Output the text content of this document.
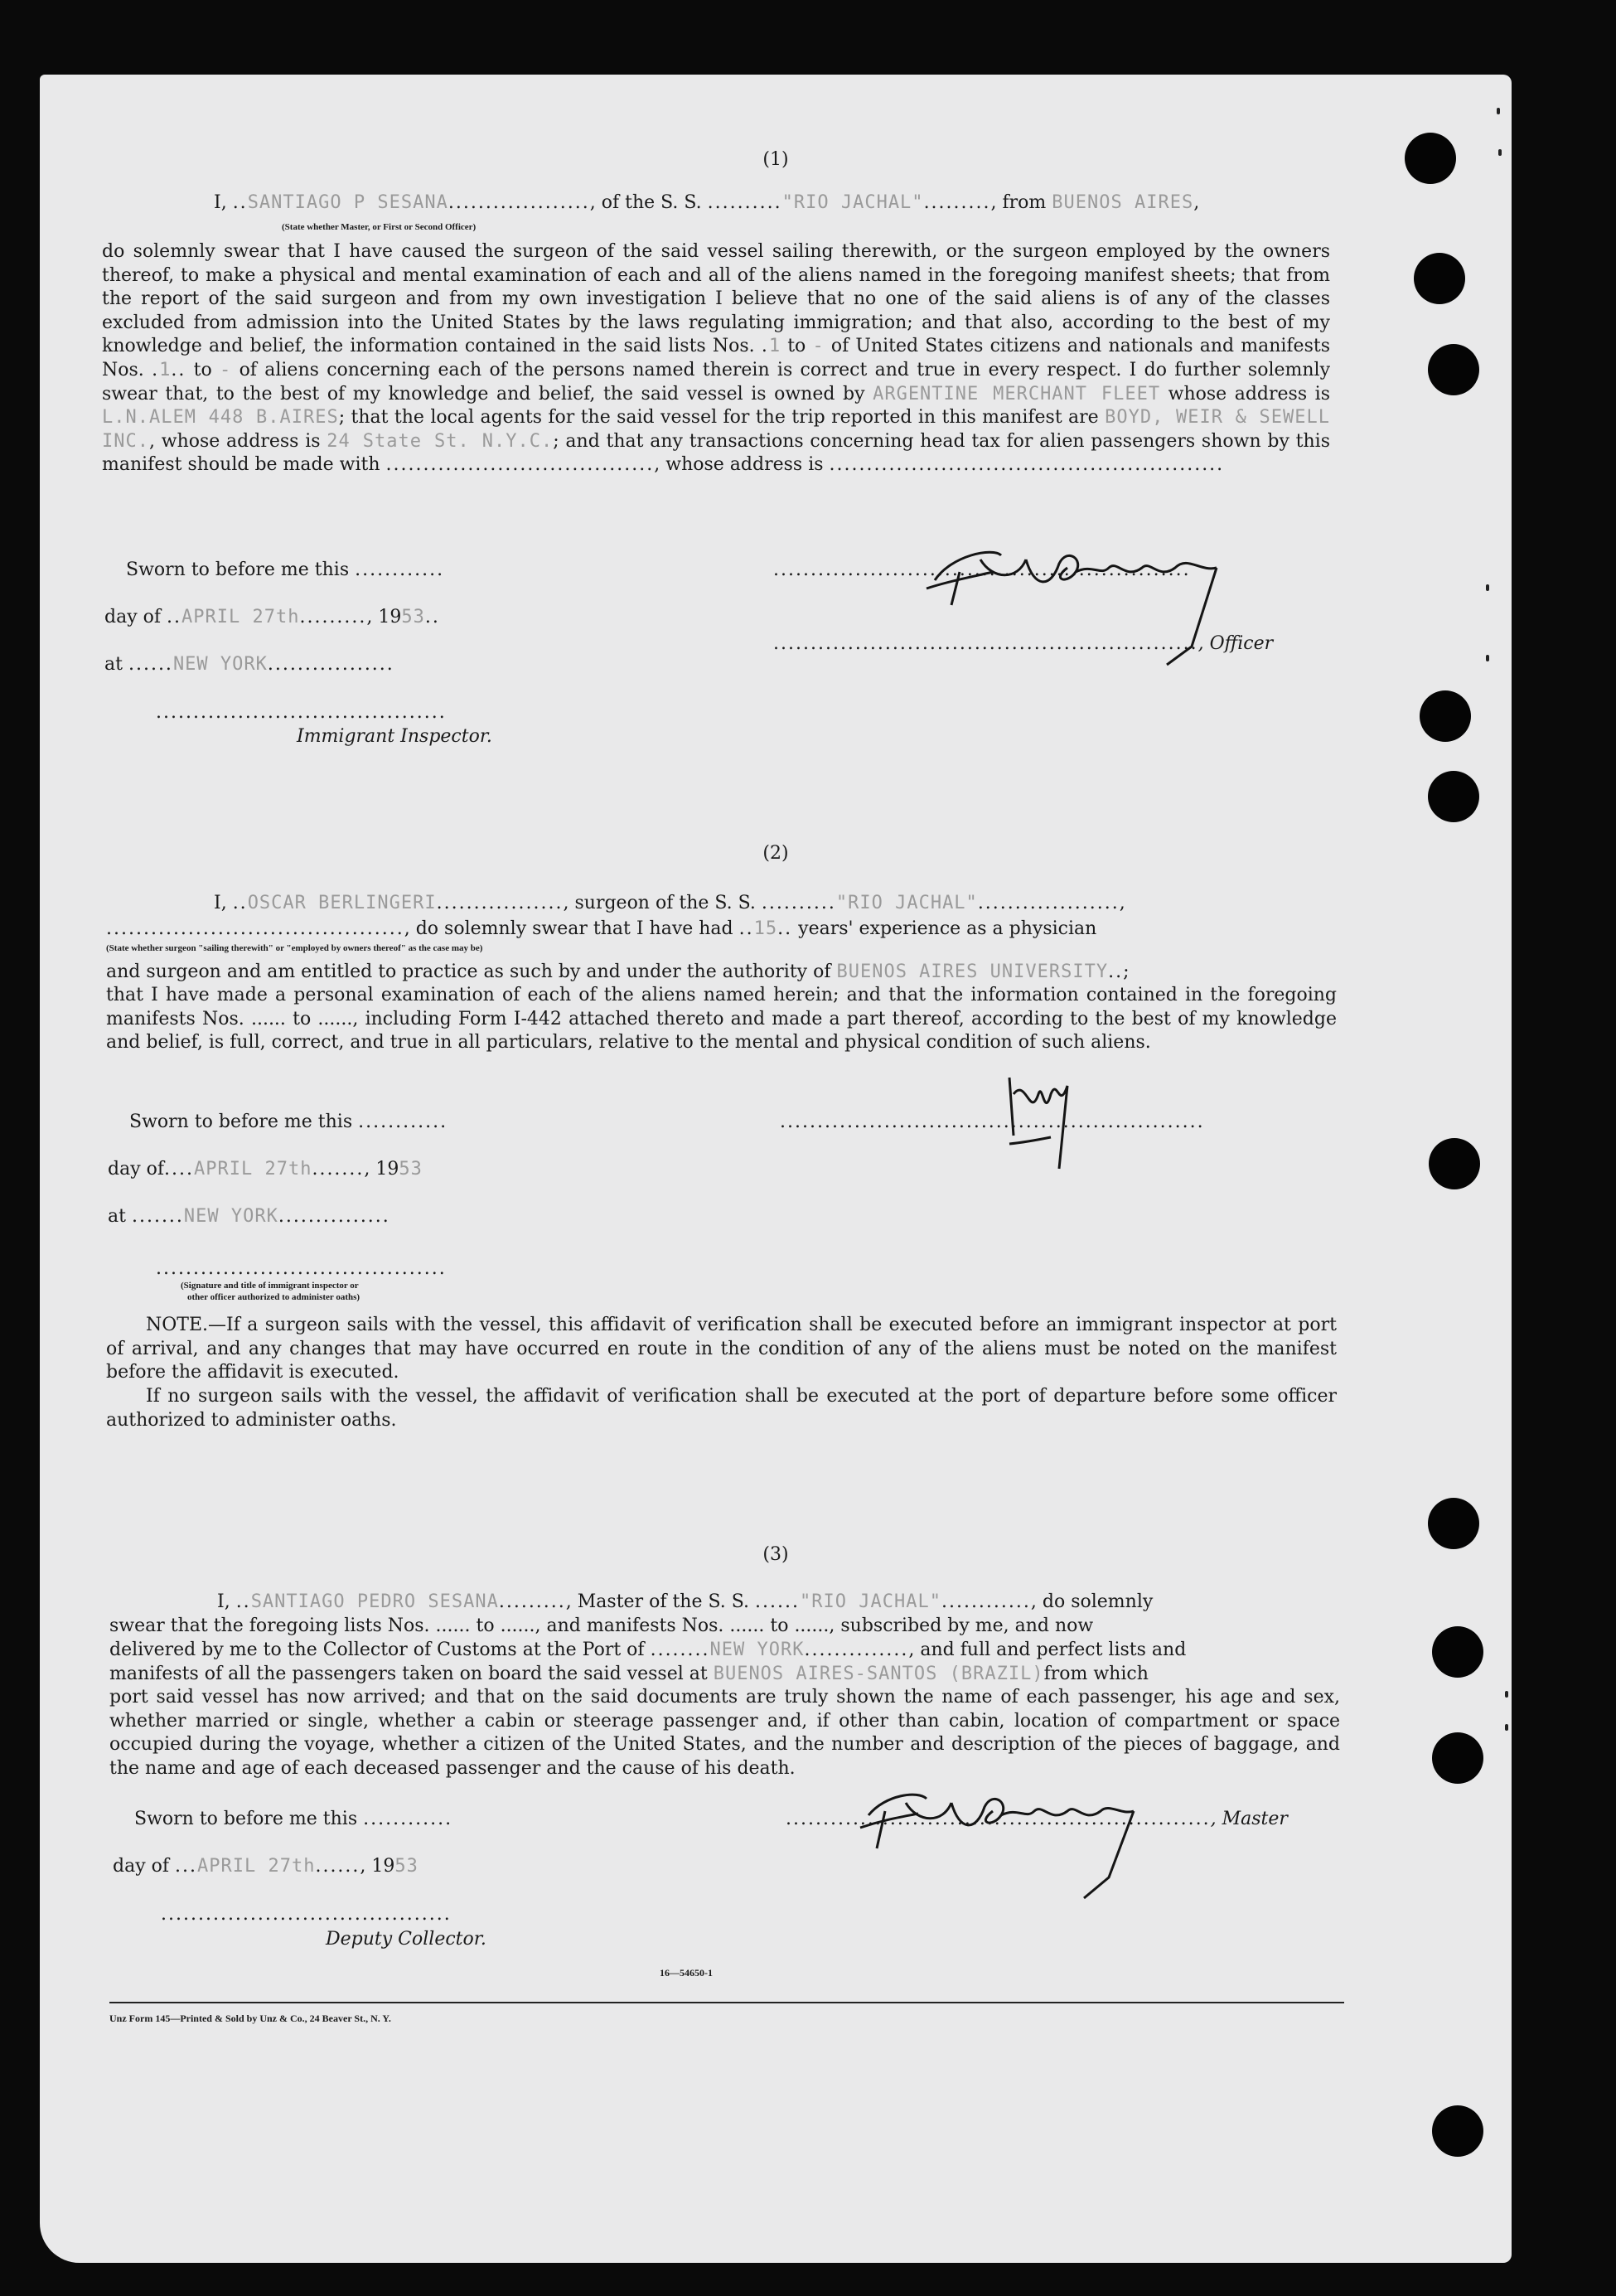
(1)
I, ..SANTIAGO P SESANA..................., of the S. S. .........."RIO JACHAL"........., from BUENOS AIRES,
(State whether Master, or First or Second Officer)
do solemnly swear that I have caused the surgeon of the said vessel sailing therewith, or the surgeon employed by the owners thereof, to make a physical and mental examination of each and all of the aliens named in the foregoing manifest sheets; that from the report of the said surgeon and from my own investigation I believe that no one of the said aliens is of any of the classes excluded from admission into the United States by the laws regulating immigration; and that also, according to the best of my knowledge and belief, the information contained in the said lists Nos. .1 to - of United States citizens and nationals and manifests Nos. .1.. to - of aliens concerning each of the persons named therein is correct and true in every respect. I do further solemnly swear that, to the best of my knowledge and belief, the said vessel is owned by ARGENTINE MERCHANT FLEET whose address is L.N.ALEM 448 B.AIRES; that the local agents for the said vessel for the trip reported in this manifest are BOYD, WEIR & SEWELL INC., whose address is 24 State St. N.Y.C.; and that any transactions concerning head tax for alien passengers shown by this manifest should be made with ...................................., whose address is .....................................................
Sworn to before me this ............
day of ..APRIL 27th........., 1953..
at ......NEW YORK.................
.......................................
Immigrant Inspector.
........................................................
........................................................., Officer
(2)
I, ..OSCAR BERLINGERI................., surgeon of the S. S. .........."RIO JACHAL"...................,
........................................, do solemnly swear that I have had ..15.. years' experience as a physician
(State whether surgeon "sailing therewith" or "employed by owners thereof" as the case may be)
and surgeon and am entitled to practice as such by and under the authority of BUENOS AIRES UNIVERSITY..;
that I have made a personal examination of each of the aliens named herein; and that the information contained in the foregoing manifests Nos. ...... to ......, including Form I-442 attached thereto and made a part thereof, according to the best of my knowledge and belief, is full, correct, and true in all particulars, relative to the mental and physical condition of such aliens.
Sworn to before me this ............
day of....APRIL 27th......., 1953
at .......NEW YORK...............
.......................................
(Signature and title of immigrant inspector or
other officer authorized to administer oaths)
.........................................................
NOTE.—If a surgeon sails with the vessel, this affidavit of verification shall be executed before an immigrant inspector at port of arrival, and any changes that may have occurred en route in the condition of any of the aliens must be noted on the manifest before the affidavit is executed.
If no surgeon sails with the vessel, the affidavit of verification shall be executed at the port of departure before some officer authorized to administer oaths.
(3)
I, ..SANTIAGO PEDRO SESANA........., Master of the S. S. ......"RIO JACHAL"............, do solemnly
swear that the foregoing lists Nos. ...... to ......, and manifests Nos. ...... to ......, subscribed by me, and now
delivered by me to the Collector of Customs at the Port of ........NEW YORK.............., and full and perfect lists and
manifests of all the passengers taken on board the said vessel at BUENOS AIRES-SANTOS (BRAZIL)from which
port said vessel has now arrived; and that on the said documents are truly shown the name of each passenger, his age and sex, whether married or single, whether a cabin or steerage passenger and, if other than cabin, location of compartment or space occupied during the voyage, whether a citizen of the United States, and the number and description of the pieces of baggage, and the name and age of each deceased passenger and the cause of his death.
Sworn to before me this ............
day of ...APRIL 27th......, 1953
.......................................
Deputy Collector.
........................................................., Master
16—54650-1
Unz Form 145—Printed & Sold by Unz & Co., 24 Beaver St., N. Y.
